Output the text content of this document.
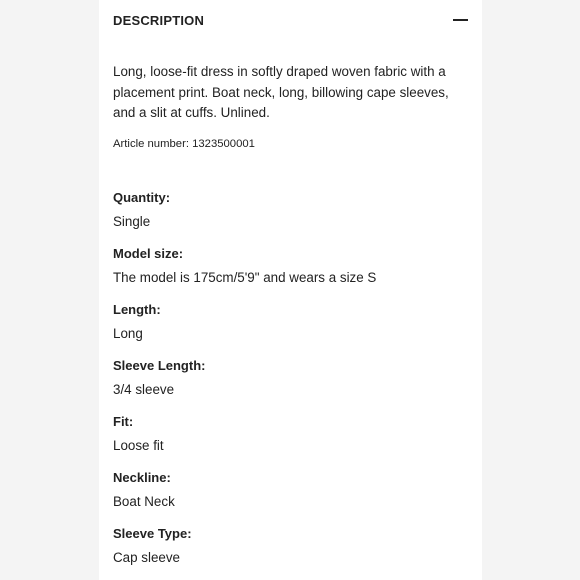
DESCRIPTION
Long, loose-fit dress in softly draped woven fabric with a placement print. Boat neck, long, billowing cape sleeves, and a slit at cuffs. Unlined.
Article number: 1323500001
Quantity:
Single
Model size:
The model is 175cm/5'9" and wears a size S
Length:
Long
Sleeve Length:
3/4 sleeve
Fit:
Loose fit
Neckline:
Boat Neck
Sleeve Type:
Cap sleeve
